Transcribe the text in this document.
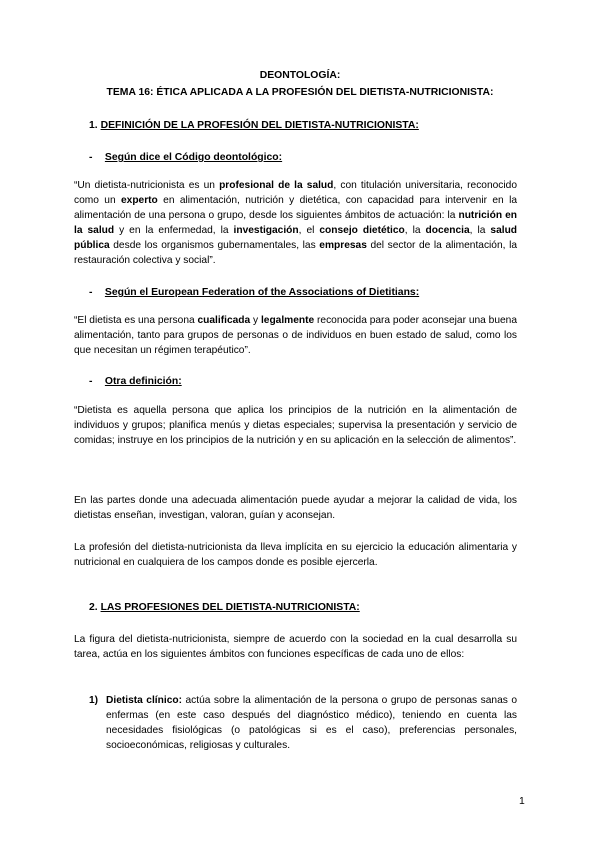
DEONTOLOGÍA:
TEMA 16: ÉTICA APLICADA A LA PROFESIÓN DEL DIETISTA-NUTRICIONISTA:
1. DEFINICIÓN DE LA PROFESIÓN DEL DIETISTA-NUTRICIONISTA:
- Según dice el Código deontológico:
“Un dietista-nutricionista es un profesional de la salud, con titulación universitaria, reconocido como un experto en alimentación, nutrición y dietética, con capacidad para intervenir en la alimentación de una persona o grupo, desde los siguientes ámbitos de actuación: la nutrición en la salud y en la enfermedad, la investigación, el consejo dietético, la docencia, la salud pública desde los organismos gubernamentales, las empresas del sector de la alimentación, la restauración colectiva y social”.
- Según el European Federation of the Associations of Dietitians:
“El dietista es una persona cualificada y legalmente reconocida para poder aconsejar una buena alimentación, tanto para grupos de personas o de individuos en buen estado de salud, como los que necesitan un régimen terapéutico”.
- Otra definición:
“Dietista es aquella persona que aplica los principios de la nutrición en la alimentación de individuos y grupos; planifica menús y dietas especiales; supervisa la presentación y servicio de comidas; instruye en los principios de la nutrición y en su aplicación en la selección de alimentos”.
En las partes donde una adecuada alimentación puede ayudar a mejorar la calidad de vida, los dietistas enseñan, investigan, valoran, guían y aconsejan.
La profesión del dietista-nutricionista da lleva implícita en su ejercicio la educación alimentaria y nutricional en cualquiera de los campos donde es posible ejercerla.
2. LAS PROFESIONES DEL DIETISTA-NUTRICIONISTA:
La figura del dietista-nutricionista, siempre de acuerdo con la sociedad en la cual desarrolla su tarea, actúa en los siguientes ámbitos con funciones específicas de cada uno de ellos:
1) Dietista clínico: actúa sobre la alimentación de la persona o grupo de personas sanas o enfermas (en este caso después del diagnóstico médico), teniendo en cuenta las necesidades fisiológicas (o patológicas si es el caso), preferencias personales, socioeconómicas, religiosas y culturales.
1
